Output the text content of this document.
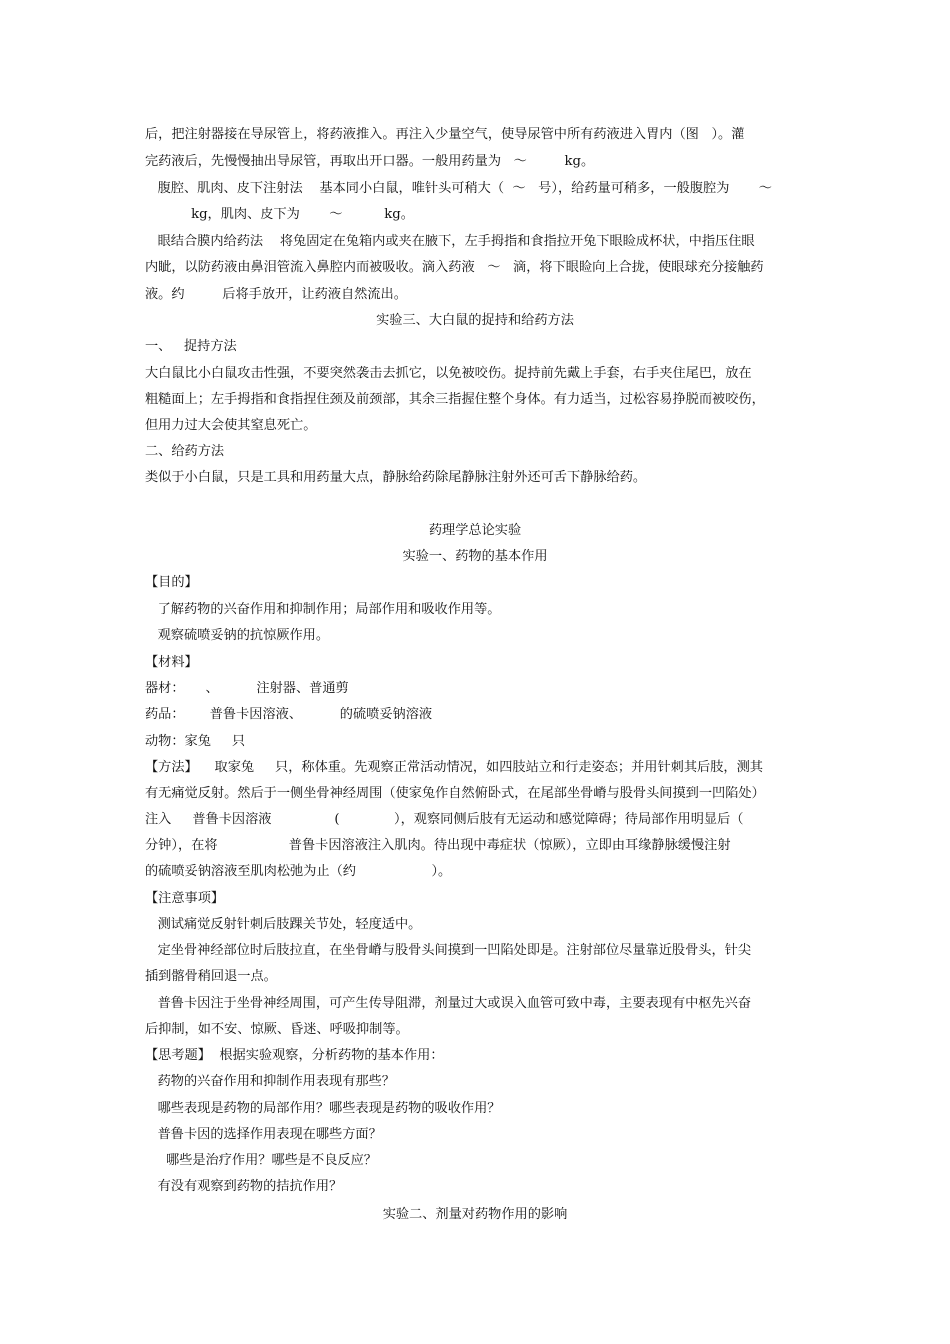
后，把注射器接在导尿管上，将药液推入。再注入少量空气，使导尿管中所有药液进入胃内（图   ）。灌

完药液后，先慢慢抽出导尿管，再取出开口器。一般用药量为   ～         kg。

腹腔、肌肉、皮下注射法    基本同小白鼠，唯针头可稍大（  ～   号），给药量可稍多，一般腹腔为       ～

kg，肌肉、皮下为       ～          kg。

眼结合膜内给药法    将兔固定在兔箱内或夹在腋下，左手拇指和食指拉开兔下眼睑成杯状，中指压住眼

内眦，以防药液由鼻泪管流入鼻腔内而被吸收。滴入药液   ～   滴，将下眼睑向上合拢，使眼球充分接触药

液。约         后将手放开，让药液自然流出。

实验三、大白鼠的捉持和给药方法

一、   捉持方法

大白鼠比小白鼠攻击性强，不要突然袭击去抓它，以免被咬伤。捉持前先戴上手套，右手夹住尾巴，放在

粗糙面上；左手拇指和食指捏住颈及前颈部，其余三指握住整个身体。有力适当，过松容易挣脱而被咬伤，

但用力过大会使其窒息死亡。

二、给药方法

类似于小白鼠，只是工具和用药量大点，静脉给药除尾静脉注射外还可舌下静脉给药。

药理学总论实验

实验一、药物的基本作用

【目的】

了解药物的兴奋作用和抑制作用；局部作用和吸收作用等。

观察硫喷妥钠的抗惊厥作用。

【材料】

器材：     、         注射器、普通剪

药品：      普鲁卡因溶液、         的硫喷妥钠溶液

动物：家兔     只

【方法】    取家兔     只，称体重。先观察正常活动情况，如四肢站立和行走姿态；并用针刺其后肢，测其

有无痛觉反射。然后于一侧坐骨神经周围（使家兔作自然俯卧式，在尾部坐骨嵴与股骨头间摸到一凹陷处）

注入     普鲁卡因溶液               (             ），观察同侧后肢有无运动和感觉障碍；待局部作用明显后（

分钟），在将                 普鲁卡因溶液注入肌肉。待出现中毒症状（惊厥），立即由耳缘静脉缓慢注射

的硫喷妥钠溶液至肌肉松弛为止（约                  ）。

【注意事项】

测试痛觉反射针刺后肢踝关节处，轻度适中。

定坐骨神经部位时后肢拉直，在坐骨嵴与股骨头间摸到一凹陷处即是。注射部位尽量靠近股骨头，针尖

插到髂骨稍回退一点。

普鲁卡因注于坐骨神经周围，可产生传导阻滞，剂量过大或误入血管可致中毒，主要表现有中枢先兴奋

后抑制，如不安、惊厥、昏迷、呼吸抑制等。

【思考题】  根据实验观察，分析药物的基本作用：

药物的兴奋作用和抑制作用表现有那些？

哪些表现是药物的局部作用？哪些表现是药物的吸收作用？

普鲁卡因的选择作用表现在哪些方面？

哪些是治疗作用？哪些是不良反应？

有没有观察到药物的拮抗作用？

实验二、剂量对药物作用的影响
